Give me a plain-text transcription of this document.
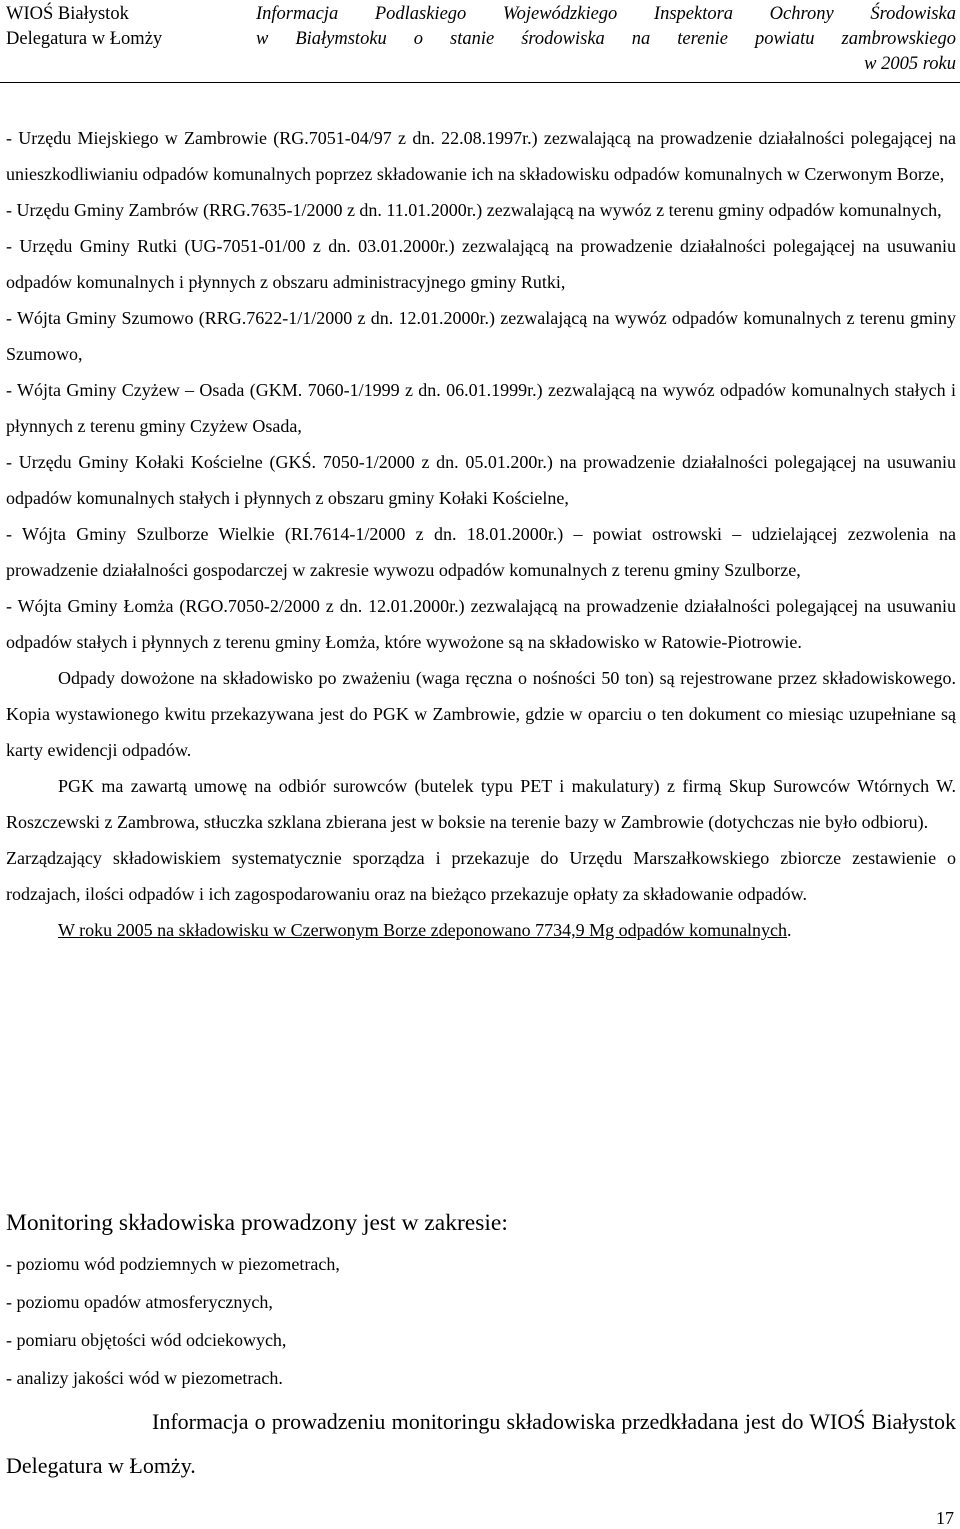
WIOŚ Białystok
Delegatura w Łomży
Informacja Podlaskiego Wojewódzkiego Inspektora Ochrony Środowiska
w Białymstoku o stanie środowiska na terenie powiatu zambrowskiego
w 2005 roku

- Urzędu Miejskiego w Zambrowie (RG.7051-04/97 z dn. 22.08.1997r.) zezwalającą na prowadzenie działalności polegającej na unieszkodliwianiu odpadów komunalnych poprzez składowanie ich na składowisku odpadów komunalnych w Czerwonym Borze,

- Urzędu Gminy Zambrów (RRG.7635-1/2000 z dn. 11.01.2000r.) zezwalającą na wywóz z terenu gminy odpadów komunalnych,

- Urzędu Gminy Rutki (UG-7051-01/00 z dn. 03.01.2000r.) zezwalającą na prowadzenie działalności polegającej na usuwaniu odpadów komunalnych i płynnych z obszaru administracyjnego gminy Rutki,

- Wójta Gminy Szumowo (RRG.7622-1/1/2000 z dn. 12.01.2000r.) zezwalającą na wywóz odpadów komunalnych z terenu gminy Szumowo,

- Wójta Gminy Czyżew – Osada (GKM. 7060-1/1999 z dn. 06.01.1999r.) zezwalającą na wywóz odpadów komunalnych stałych i płynnych z terenu gminy Czyżew Osada,

- Urzędu Gminy Kołaki Kościelne (GKŚ. 7050-1/2000 z dn. 05.01.200r.) na prowadzenie działalności polegającej na usuwaniu odpadów komunalnych stałych i płynnych z obszaru gminy Kołaki Kościelne,

- Wójta Gminy Szulborze Wielkie (RI.7614-1/2000 z dn. 18.01.2000r.) – powiat ostrowski – udzielającej zezwolenia na prowadzenie działalności gospodarczej w zakresie wywozu odpadów komunalnych z terenu gminy Szulborze,

- Wójta Gminy Łomża (RGO.7050-2/2000 z dn. 12.01.2000r.) zezwalającą na prowadzenie działalności polegającej na usuwaniu odpadów stałych i płynnych z terenu gminy Łomża, które wywożone są na składowisko w Ratowie-Piotrowie.

Odpady dowożone na składowisko po zważeniu (waga ręczna o nośności 50 ton) są rejestrowane przez składowiskowego. Kopia wystawionego kwitu przekazywana jest do PGK w Zambrowie, gdzie w oparciu o ten dokument co miesiąc uzupełniane są karty ewidencji odpadów.

PGK ma zawartą umowę na odbiór surowców (butelek typu PET i makulatury) z firmą Skup Surowców Wtórnych W. Roszczewski z Zambrowa, stłuczka szklana zbierana jest w boksie na terenie bazy w Zambrowie (dotychczas nie było odbioru).

Zarządzający składowiskiem systematycznie sporządza i przekazuje do Urzędu Marszałkowskiego zbiorcze zestawienie o rodzajach, ilości odpadów i ich zagospodarowaniu oraz na bieżąco przekazuje opłaty za składowanie odpadów.

W roku 2005 na składowisku w Czerwonym Borze zdeponowano 7734,9 Mg odpadów komunalnych.

Monitoring składowiska prowadzony jest w zakresie:
- poziomu wód podziemnych w piezometrach,
- poziomu opadów atmosferycznych,
- pomiaru objętości wód odciekowych,
- analizy jakości wód w piezometrach.

Informacja o prowadzeniu monitoringu składowiska przedkładana jest do WIOŚ Białystok Delegatura w Łomży.

17
